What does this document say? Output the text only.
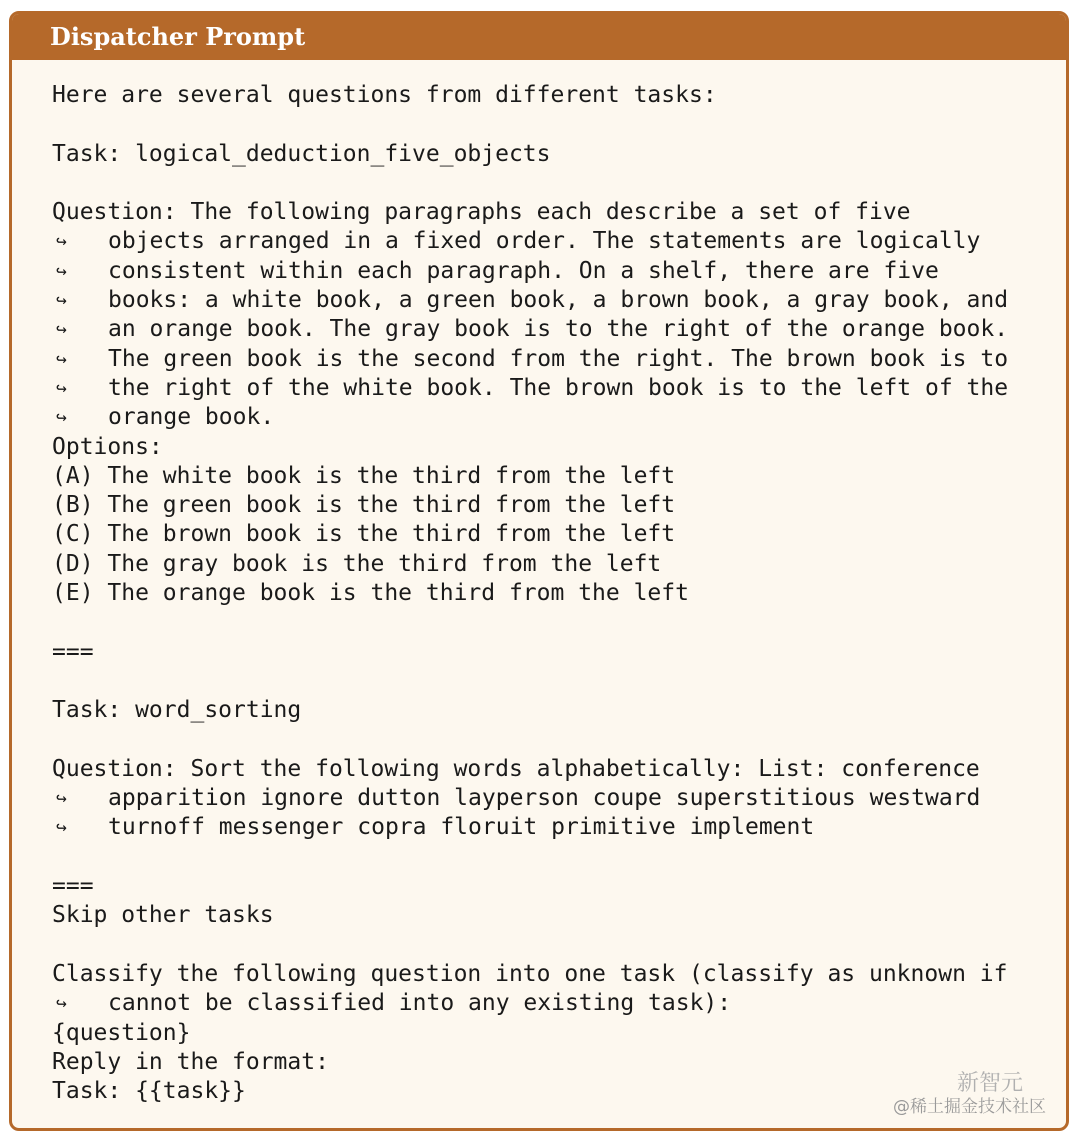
Dispatcher Prompt
Here are several questions from different tasks:
Task: logical_deduction_five_objects
Question: The following paragraphs each describe a set of five
↪ objects arranged in a fixed order. The statements are logically
↪ consistent within each paragraph. On a shelf, there are five
↪ books: a white book, a green book, a brown book, a gray book, and
↪ an orange book. The gray book is to the right of the orange book.
↪ The green book is the second from the right. The brown book is to
↪ the right of the white book. The brown book is to the left of the
↪ orange book.
Options:
(A) The white book is the third from the left
(B) The green book is the third from the left
(C) The brown book is the third from the left
(D) The gray book is the third from the left
(E) The orange book is the third from the left
===
Task: word_sorting
Question: Sort the following words alphabetically: List: conference
↪ apparition ignore dutton layperson coupe superstitious westward
↪ turnoff messenger copra floruit primitive implement
===
Skip other tasks
Classify the following question into one task (classify as unknown if
↪ cannot be classified into any existing task):
{question}
Reply in the format:
Task: {{task}}	新智元
$_{@稀土掘金技术社区}$
